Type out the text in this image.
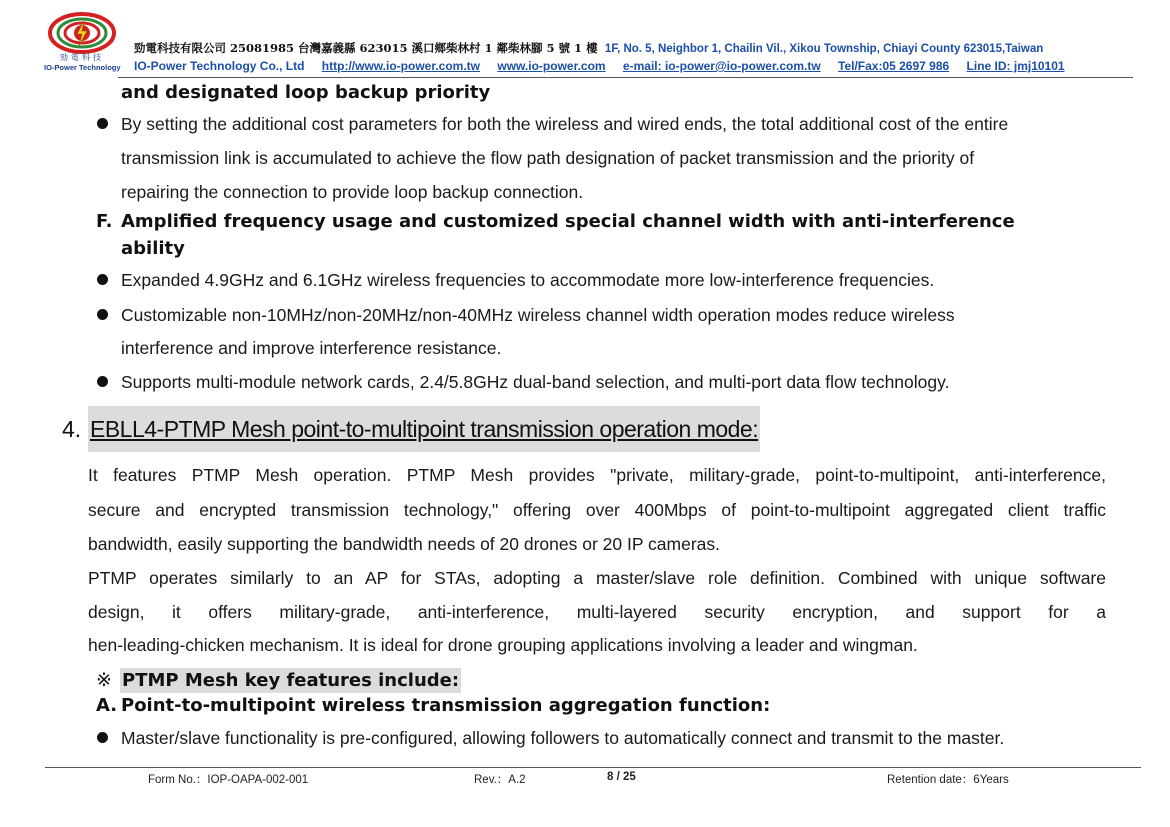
勁電科技
IO-Power Technology
勁電科技有限公司 25081985 台灣嘉義縣 623015 溪口鄉柴林村 1 鄰柴林腳 5 號 1 樓 1F, No. 5, Neighbor 1, Chailin Vil., Xikou Township, Chiayi County 623015,Taiwan
IO-Power Technology Co., Ltd http://www.io-power.com.tw www.io-power.com e-mail: io-power@io-power.com.tw Tel/Fax:05 2697 986 Line ID: jmj10101
and designated loop backup priority
By setting the additional cost parameters for both the wireless and wired ends, the total additional cost of the entire
transmission link is accumulated to achieve the flow path designation of packet transmission and the priority of
repairing the connection to provide loop backup connection.
F. Amplified frequency usage and customized special channel width with anti-interference
ability
Expanded 4.9GHz and 6.1GHz wireless frequencies to accommodate more low-interference frequencies.
Customizable non-10MHz/non-20MHz/non-40MHz wireless channel width operation modes reduce wireless
interference and improve interference resistance.
Supports multi-module network cards, 2.4/5.8GHz dual-band selection, and multi-port data flow technology.
4. EBLL4-PTMP Mesh point-to-multipoint transmission operation mode:
It features PTMP Mesh operation. PTMP Mesh provides "private, military-grade, point-to-multipoint, anti-interference,
secure and encrypted transmission technology," offering over 400Mbps of point-to-multipoint aggregated client traffic
bandwidth, easily supporting the bandwidth needs of 20 drones or 20 IP cameras.
PTMP operates similarly to an AP for STAs, adopting a master/slave role definition. Combined with unique software
design, it offers military-grade, anti-interference, multi-layered security encryption, and support for a
hen-leading-chicken mechanism. It is ideal for drone grouping applications involving a leader and wingman.
※ PTMP Mesh key features include:
A. Point-to-multipoint wireless transmission aggregation function:
Master/slave functionality is pre-configured, allowing followers to automatically connect and transmit to the master.
Form No.：IOP-OAPA-002-001	Rev.：A.2	8 / 25	Retention date：6Years
